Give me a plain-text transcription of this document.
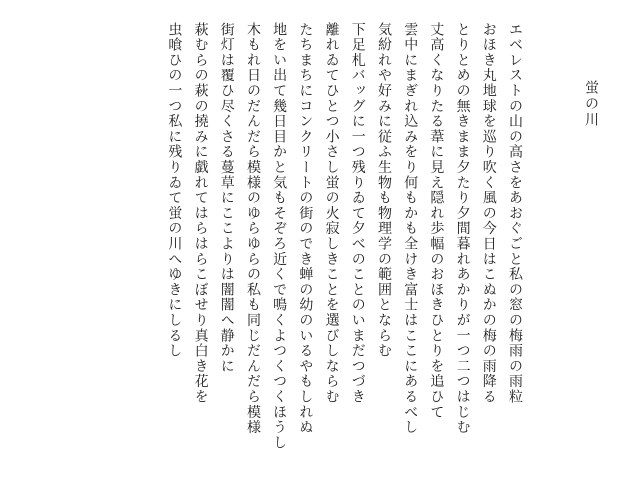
蛍の川
エベレストの山の高さをあおぐごと私の窓の梅雨の雨粒
おほき丸地球を巡り吹く風の今日はこぬかの梅の雨降る
とりとめの無きまま夕たり夕間暮れあかりが一つ二つはじむ
丈高くなりたる葦に見え隠れ歩幅のおほきひとりを追ひて
雲中にまぎれ込みをり何もかも全けき富士はここにあるべし
気紛れや好みに従ふ生物も物理学の範囲とならむ
下足札バッグに一つ残りゐて夕べのことのいまだつづき
離れゐてひとつ小さし蛍の火寂しきことを選びしならむ
たちまちにコンクリートの街のでき蝉の幼のいるやもしれぬ
地をい出て幾日目かと気もそぞろ近くで鳴くよつくつくほうし
木もれ日のだんだら模様のゆらゆらの私も同じだんだら模様
街灯は覆ひ尽くさる蔓草にここよりは闇闇へ静かに
萩むらの萩の撓みに戯れてはらはらこぼせり真白き花を
虫喰ひの一つ私に残りゐて蛍の川へゆきにしるし
